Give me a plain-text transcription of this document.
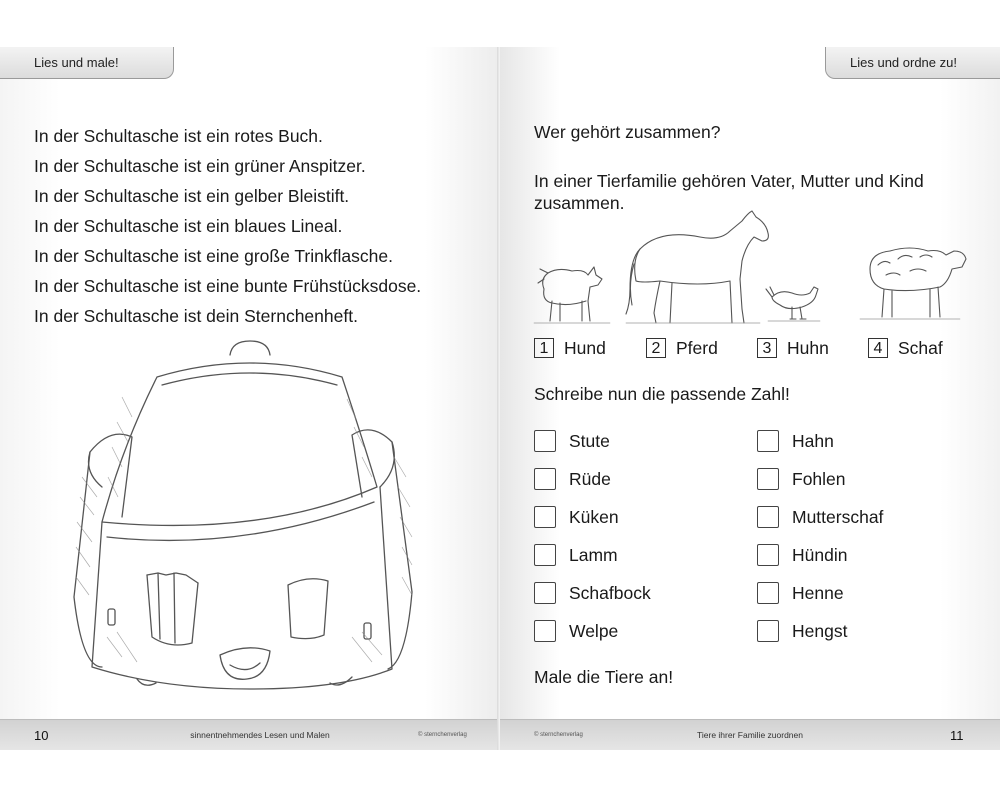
Lies und male!
In der Schultasche ist ein rotes Buch.
In der Schultasche ist ein grüner Anspitzer.
In der Schultasche ist ein gelber Bleistift.
In der Schultasche ist ein blaues Lineal.
In der Schultasche ist eine große Trinkflasche.
In der Schultasche ist eine bunte Frühstücksdose.
In der Schultasche ist dein Sternchenheft.
10	sinnentnehmendes Lesen und Malen	© sternchenverlag
Lies und ordne zu!
Wer gehört zusammen?
In einer Tierfamilie gehören Vater, Mutter und Kind
zusammen.
1 Hund	2 Pferd	3 Huhn	4 Schaf
Schreibe nun die passende Zahl!
Stute
Rüde
Küken
Lamm
Schafbock
Welpe
Hahn
Fohlen
Mutterschaf
Hündin
Henne
Hengst
Male die Tiere an!
© sternchenverlag	Tiere ihrer Familie zuordnen	11
